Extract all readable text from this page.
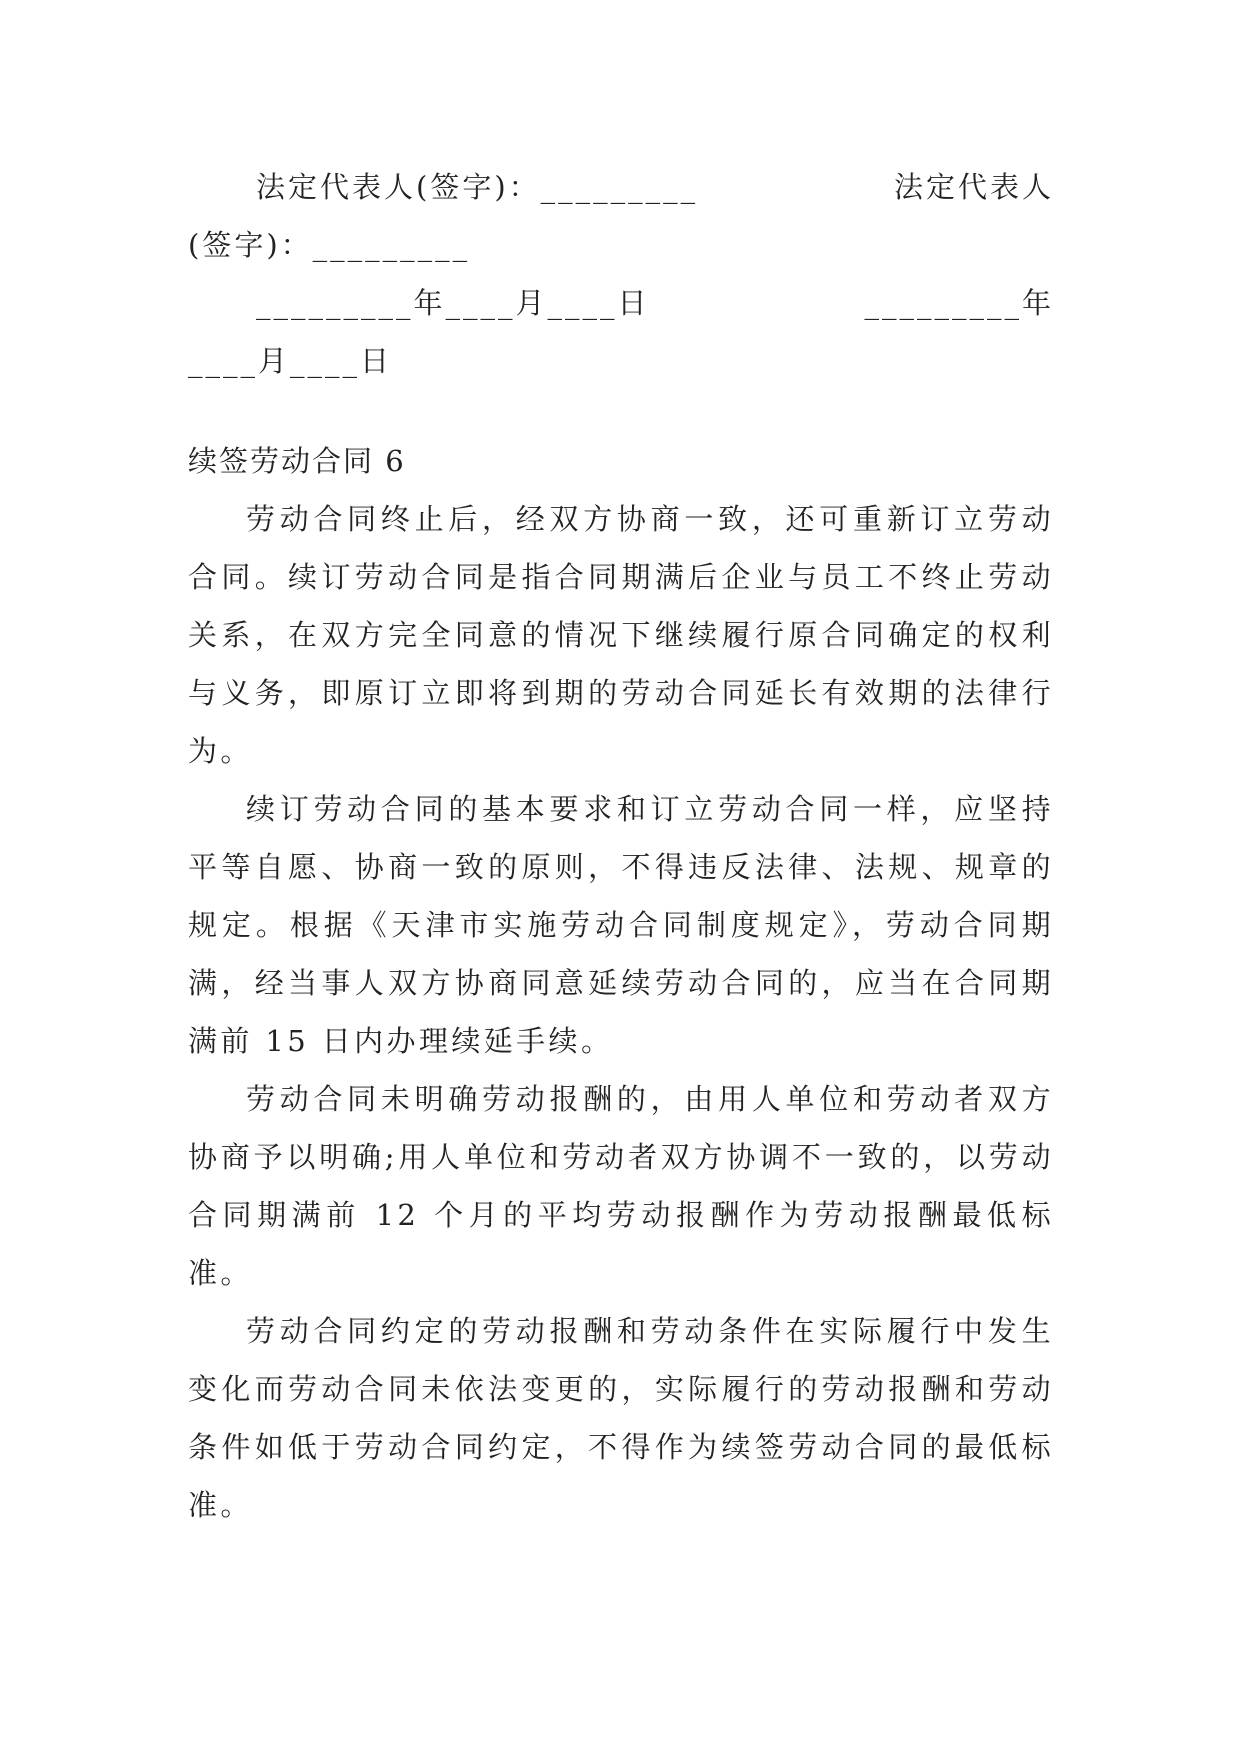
法定代表人(签字)：_________

	法定代表人

(签字)：_________

_________年____月____日

	_________年

____月____日
续签劳动合同 6

劳动合同终止后，经双方协商一致，还可重新订立劳动合同。续订劳动合同是指合同期满后企业与员工不终止劳动关系，在双方完全同意的情况下继续履行原合同确定的权利与义务，即原订立即将到期的劳动合同延长有效期的法律行为。

续订劳动合同的基本要求和订立劳动合同一样，应坚持平等自愿、协商一致的原则，不得违反法律、法规、规章的规定。根据《天津市实施劳动合同制度规定》，劳动合同期满，经当事人双方协商同意延续劳动合同的，应当在合同期满前 15 日内办理续延手续。

劳动合同未明确劳动报酬的，由用人单位和劳动者双方协商予以明确;用人单位和劳动者双方协调不一致的，以劳动合同期满前 12 个月的平均劳动报酬作为劳动报酬最低标准。

劳动合同约定的劳动报酬和劳动条件在实际履行中发生变化而劳动合同未依法变更的，实际履行的劳动报酬和劳动条件如低于劳动合同约定，不得作为续签劳动合同的最低标准。
